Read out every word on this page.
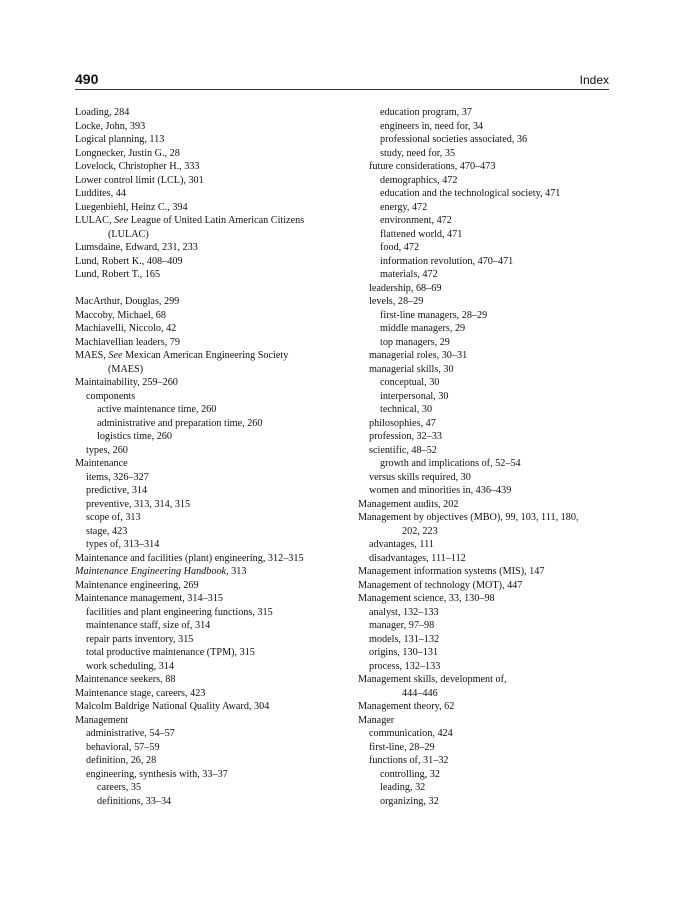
490	Index
Loading, 284
Locke, John, 393
Logical planning, 113
Longnecker, Justin G., 28
Lovelock, Christopher H., 333
Lower control limit (LCL), 301
Luddites, 44
Luegenbiehl, Heinz C., 394
LULAC, See League of United Latin American Citizens
(LULAC)
Lumsdaine, Edward, 231, 233
Lund, Robert K., 408–409
Lund, Robert T., 165
MacArthur, Douglas, 299
Maccoby, Michael, 68
Machiavelli, Niccolo, 42
Machiavellian leaders, 79
MAES, See Mexican American Engineering Society
(MAES)
Maintainability, 259–260
components
active maintenance time, 260
administrative and preparation time, 260
logistics time, 260
types, 260
Maintenance
items, 326–327
predictive, 314
preventive, 313, 314, 315
scope of, 313
stage, 423
types of, 313–314
Maintenance and facilities (plant) engineering, 312–315
Maintenance Engineering Handbook, 313
Maintenance engineering, 269
Maintenance management, 314–315
facilities and plant engineering functions, 315
maintenance staff, size of, 314
repair parts inventory, 315
total productive maintenance (TPM), 315
work scheduling, 314
Maintenance seekers, 88
Maintenance stage, careers, 423
Malcolm Baldrige National Quality Award, 304
Management
administrative, 54–57
behavioral, 57–59
definition, 26, 28
engineering, synthesis with, 33–37
careers, 35
definitions, 33–34
education program, 37
engineers in, need for, 34
professional societies associated, 36
study, need for, 35
future considerations, 470–473
demographics, 472
education and the technological society, 471
energy, 472
environment, 472
flattened world, 471
food, 472
information revolution, 470–471
materials, 472
leadership, 68–69
levels, 28–29
first-line managers, 28–29
middle managers, 29
top managers, 29
managerial roles, 30–31
managerial skills, 30
conceptual, 30
interpersonal, 30
technical, 30
philosophies, 47
profession, 32–33
scientific, 48–52
growth and implications of, 52–54
versus skills required, 30
women and minorities in, 436–439
Management audits, 202
Management by objectives (MBO), 99, 103, 111, 180,
202, 223
advantages, 111
disadvantages, 111–112
Management information systems (MIS), 147
Management of technology (MOT), 447
Management science, 33, 130–98
analyst, 132–133
manager, 97–98
models, 131–132
origins, 130–131
process, 132–133
Management skills, development of,
444–446
Management theory, 62
Manager
communication, 424
first-line, 28–29
functions of, 31–32
controlling, 32
leading, 32
organizing, 32
